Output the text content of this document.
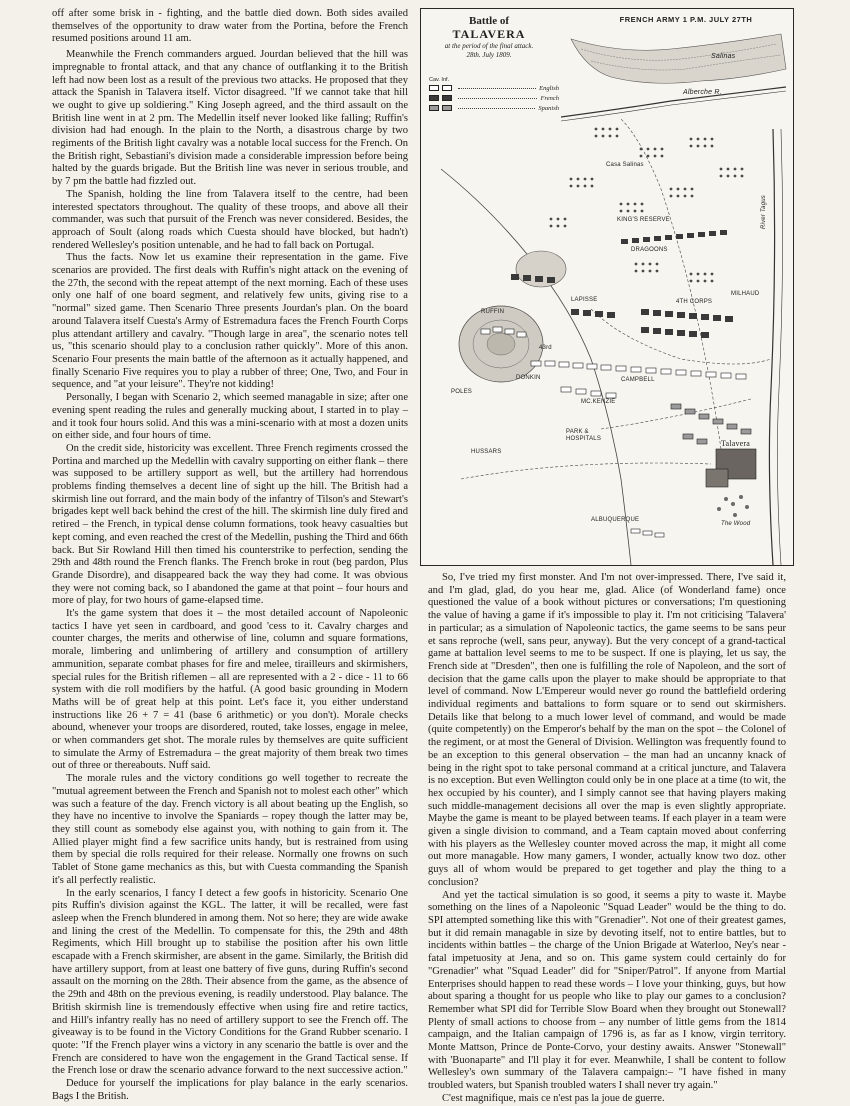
off after some brisk in - fighting, and the battle died down. Both sides availed themselves of the opportunity to draw water from the Portina, before the French resumed positions around 11 am.

Meanwhile the French commanders argued. Jourdan believed that the hill was impregnable to frontal attack, and that any chance of outflanking it to the British left had now been lost as a result of the previous two attacks. He proposed that they attack the Spanish in Talavera itself. Victor disagreed. "If we cannot take that hill we ought to give up soldiering." King Joseph agreed, and the third assault on the British line went in at 2 pm. The Medellin itself never looked like falling; Ruffin's division had had enough. In the plain to the North, a disastrous charge by two regiments of the British light cavalry was a notable local success for the French. On the British right, Sebastiani's division made a considerable impression before being halted by the guards brigade. But the British line was never in serious trouble, and by 7 pm the battle had fizzled out.

The Spanish, holding the line from Talavera itself to the centre, had been interested spectators throughout. The quality of these troops, and above all their commander, was such that pursuit of the French was never considered. Besides, the approach of Soult (along roads which Cuesta should have blocked, but hadn't) rendered Wellesley's position untenable, and he had to fall back on Portugal.

Thus the facts. Now let us examine their representation in the game. Five scenarios are provided. The first deals with Ruffin's night attack on the evening of the 27th, the second with the repeat attempt of the next morning. Each of these uses only one half of one board segment, and relatively few units, giving rise to a "normal" sized game. Then Scenario Three presents Jourdan's plan. On the board around Talavera itself Cuesta's Army of Estremadura faces the French Fourth Corps plus attendant artillery and cavalry. "Though large in area", the scenario notes tell us, "this scenario should play to a conclusion rather quickly". More of this anon. Scenario Four presents the main battle of the afternoon as it actually happened, and finally Scenario Five requires you to play a rubber of three; One, Two, and Four in sequence, and "at your leisure". They're not kidding!

Personally, I began with Scenario 2, which seemed managable in size; after one evening spent reading the rules and generally mucking about, I started in to play – and it took four hours solid. And this was a mini-scenario with at most a dozen units on either side, and four hours of time.

On the credit side, historicity was excellent. Three French regiments crossed the Portina and marched up the Medellin with cavalry supporting on either flank – there was supposed to be artillery support as well, but the artillery had horrendous problems finding themselves a decent line of sight up the hill. The British had a skirmish line out forrard, and the main body of the infantry of Tilson's and Stewart's brigades kept well back behind the crest of the hill. The skirmish line duly fired and retired – the French, in typical dense column formations, took heavy casualties but kept coming, and even reached the crest of the Medellin, pushing the Third and 66th back. But Sir Rowland Hill then timed his counterstrike to perfection, sending the 29th and 48th round the French flanks. The French broke in rout (beg pardon, Plus Grande Disordre), and disappeared back the way they had come. It was obvious they were not coming back, so I abandoned the game at that point – four hours and more of play, for two hours of game-elapsed time.

It's the game system that does it – the most detailed account of Napoleonic tactics I have yet seen in cardboard, and good 'cess to it. Cavalry charges and counter charges, the merits and otherwise of line, column and square formations, morale, limbering and unlimbering of artillery and consumption of artillery ammunition, separate combat phases for fire and melee, tirailleurs and skirmishers, special rules for the British riflemen – all are represented with a 2 - dice - 11 to 66 system with die roll modifiers by the hatful. (A good basic grounding in Modern Maths will be of great help at this point. Let's face it, you either understand instructions like 26 + 7 = 41 (base 6 arithmetic) or you don't). Morale checks abound, whenever your troops are disordered, routed, take losses, engage in melee, or when commanders get shot. The morale rules by themselves are quite sufficient to simulate the Army of Estremadura – the great majority of them break two times out of three or thereabouts. Nuff said.

The morale rules and the victory conditions go well together to recreate the "mutual agreement between the French and Spanish not to molest each other" which was such a feature of the day. French victory is all about beating up the English, so they have no incentive to involve the Spaniards – ropey though the latter may be, they still count as somebody else against you, with nothing to gain from it. The Allied player might find a few sacrifice units handy, but is restrained from using them by special die rolls required for their release. Normally one frowns on such Tablet of Stone game mechanics as this, but with Cuesta commanding the Spanish it's all perfectly realistic.

In the early scenarios, I fancy I detect a few goofs in historicity. Scenario One pits Ruffin's division against the KGL. The latter, it will be recalled, were fast asleep when the French blundered in among them. Not so here; they are wide awake and lining the crest of the Medellin. To compensate for this, the 29th and 48th Regiments, which Hill brought up to stabilise the position after his own little escapade with a French skirmisher, are absent in the game. Similarly, the British did have artillery support, from at least one battery of five guns, during Ruffin's second assault on the morning on the 28th. Their absence from the game, as the absence of the 29th and 48th on the previous evening, is readily understood. Play balance. The British skirmish line is tremendously effective when using fire and retire tactics, and Hill's infantry really has no need of artillery support to see the French off. The giveaway is to be found in the Victory Conditions for the Grand Rubber scenario. I quote: "If the French player wins a victory in any scenario the battle is over and the French are considered to have won the engagement in the Grand Tactical sense. If the French lose or draw the scenario advance forward to the next successive action."

Deduce for yourself the implications for play balance in the early scenarios. Bags I the British.

Battle of
TALAVERA
at the period of the final attack.
28th. July 1809.
FRENCH ARMY 1 P.M. JULY 27TH
Cav. Inf.
English
French
Spanish
Salinas
Alberche R.
Casa Salinas
KING'S RESERVE
DRAGOONS
4TH CORPS
MILHAUD
LAPISSE
RUFFIN
43rd
POLES
HUSSARS
PARK &
HOSPITALS
CAMPBELL
MC.KENZIE
DONKIN
ALBUQUERQUE
Talavera
The Wood
River Tagus

So, I've tried my first monster. And I'm not over-impressed. There, I've said it, and I'm glad, glad, do you hear me, glad. Alice (of Wonderland fame) once questioned the value of a book without pictures or conversations; I'm questioning the value of having a game if it's impossible to play it. I'm not criticising 'Talavera' in particular; as a simulation of Napoleonic tactics, the game seems to be sans peur et sans reproche (well, sans peur, anyway). But the very concept of a grand-tactical game at battalion level seems to me to be suspect. If one is playing, let us say, the French side at "Dresden", then one is fulfilling the role of Napoleon, and the sort of decision that the game calls upon the player to make should be appropriate to that level of command. Now L'Empereur would never go round the battlefield ordering individual regiments and battalions to form square or to send out skirmishers. Details like that belong to a much lower level of command, and would be made (quite competently) on the Emperor's behalf by the man on the spot – the Colonel of the regiment, or at most the General of Division. Wellington was frequently found to be an exception to this general observation – the man had an uncanny knack of being in the right spot to take personal command at a critical juncture, and Talavera is no exception. But even Wellington could only be in one place at a time (to wit, the hex occupied by his counter), and I simply cannot see that having players making such middle-management decisions all over the map is even slightly appropriate. Maybe the game is meant to be played between teams. If each player in a team were given a single division to command, and a Team captain moved about conferring with his players as the Wellesley counter moved across the map, it might all come out more managable. How many gamers, I wonder, actually know two doz. other guys all of whom would be prepared to get together and play the thing to a conclusion?

And yet the tactical simulation is so good, it seems a pity to waste it. Maybe something on the lines of a Napoleonic "Squad Leader" would be the thing to do. SPI attempted something like this with "Grenadier". Not one of their greatest games, but it did remain managable in size by devoting itself, not to entire battles, but to incidents within battles – the charge of the Union Brigade at Waterloo, Ney's near - fatal impetuosity at Jena, and so on. This game system could certainly do for "Grenadier" what "Squad Leader" did for "Sniper/Patrol". If anyone from Martial Enterprises should happen to read these words – I love your thinking, guys, but how about sparing a thought for us people who like to play our games to a conclusion? Remember what SPI did for Terrible Slow Board when they brought out Stonewall? Plenty of small actions to choose from – any number of little gems from the 1814 campaign, and the Italian campaign of 1796 is, as far as I know, virgin territory. Monte Mattson, Prince de Ponte-Corvo, your destiny awaits. Answer "Stonewall" with 'Buonaparte" and I'll play it for ever. Meanwhile, I shall be content to follow Wellesley's own summary of the Talavera campaign:– "I have fished in many troubled waters, but Spanish troubled waters I shall never try again."

C'est magnifique, mais ce n'est pas la joue de guerre.
